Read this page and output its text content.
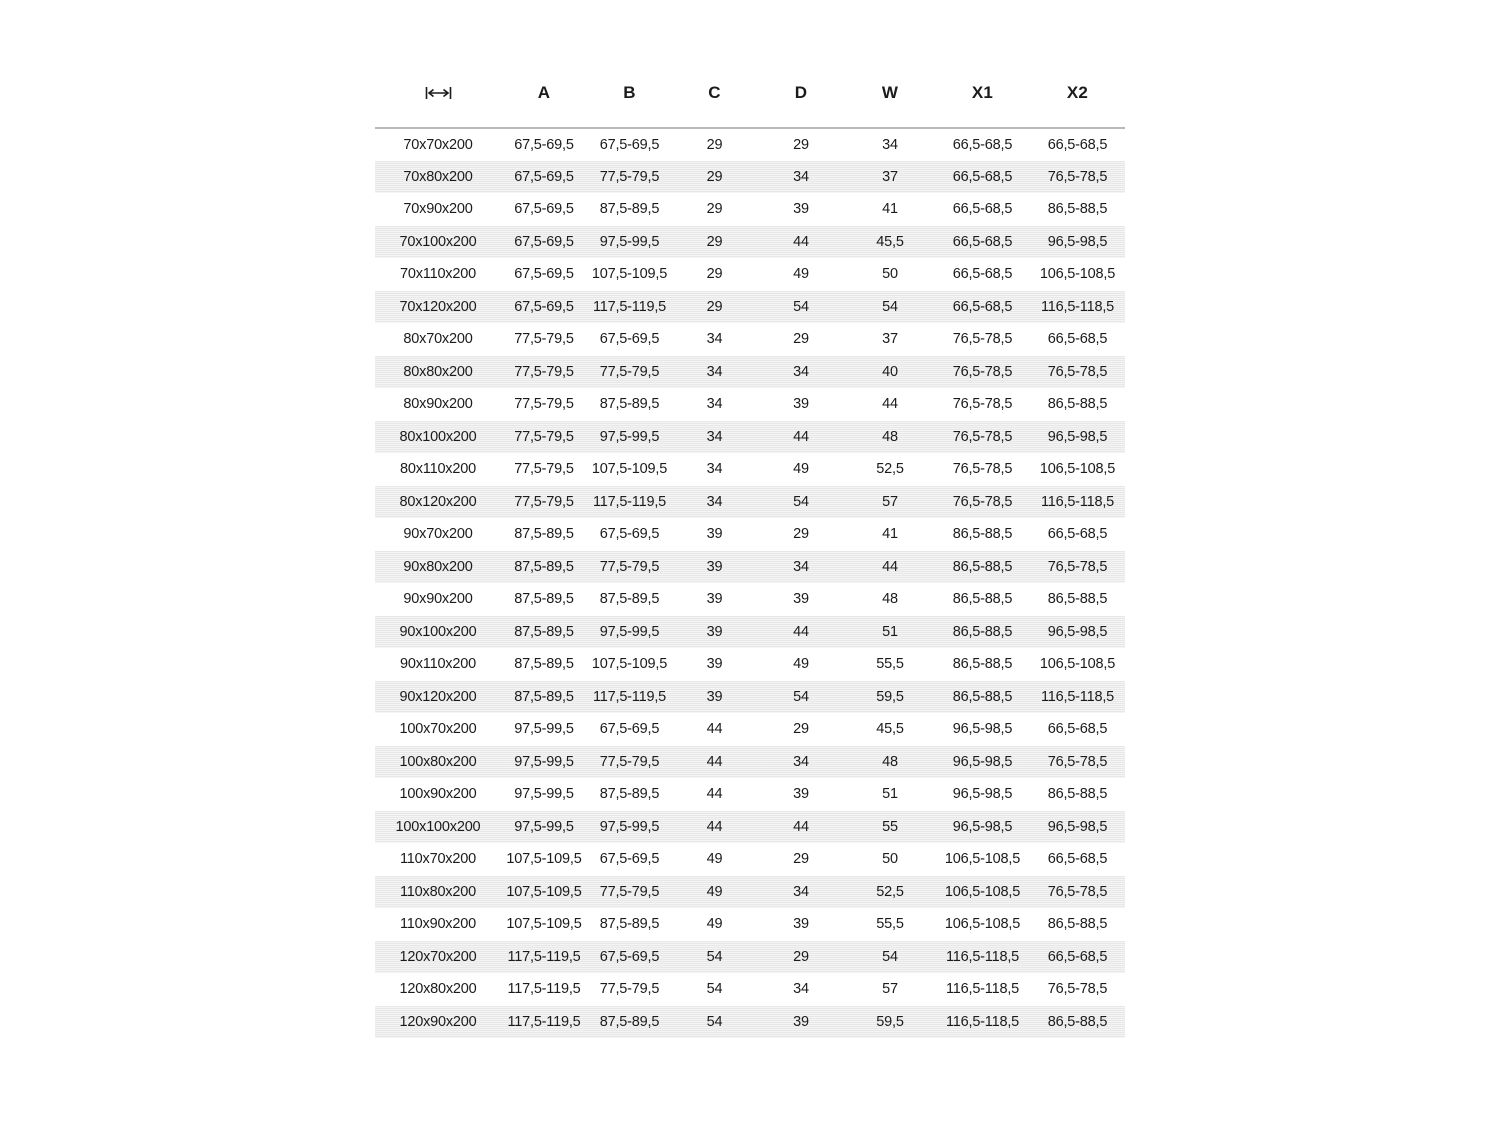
	A	B	C	D	W	X1	X2
70x70x200	67,5-69,5	67,5-69,5	29	29	34	66,5-68,5	66,5-68,5
70x80x200	67,5-69,5	77,5-79,5	29	34	37	66,5-68,5	76,5-78,5
70x90x200	67,5-69,5	87,5-89,5	29	39	41	66,5-68,5	86,5-88,5
70x100x200	67,5-69,5	97,5-99,5	29	44	45,5	66,5-68,5	96,5-98,5
70x110x200	67,5-69,5	107,5-109,5	29	49	50	66,5-68,5	106,5-108,5
70x120x200	67,5-69,5	117,5-119,5	29	54	54	66,5-68,5	116,5-118,5
80x70x200	77,5-79,5	67,5-69,5	34	29	37	76,5-78,5	66,5-68,5
80x80x200	77,5-79,5	77,5-79,5	34	34	40	76,5-78,5	76,5-78,5
80x90x200	77,5-79,5	87,5-89,5	34	39	44	76,5-78,5	86,5-88,5
80x100x200	77,5-79,5	97,5-99,5	34	44	48	76,5-78,5	96,5-98,5
80x110x200	77,5-79,5	107,5-109,5	34	49	52,5	76,5-78,5	106,5-108,5
80x120x200	77,5-79,5	117,5-119,5	34	54	57	76,5-78,5	116,5-118,5
90x70x200	87,5-89,5	67,5-69,5	39	29	41	86,5-88,5	66,5-68,5
90x80x200	87,5-89,5	77,5-79,5	39	34	44	86,5-88,5	76,5-78,5
90x90x200	87,5-89,5	87,5-89,5	39	39	48	86,5-88,5	86,5-88,5
90x100x200	87,5-89,5	97,5-99,5	39	44	51	86,5-88,5	96,5-98,5
90x110x200	87,5-89,5	107,5-109,5	39	49	55,5	86,5-88,5	106,5-108,5
90x120x200	87,5-89,5	117,5-119,5	39	54	59,5	86,5-88,5	116,5-118,5
100x70x200	97,5-99,5	67,5-69,5	44	29	45,5	96,5-98,5	66,5-68,5
100x80x200	97,5-99,5	77,5-79,5	44	34	48	96,5-98,5	76,5-78,5
100x90x200	97,5-99,5	87,5-89,5	44	39	51	96,5-98,5	86,5-88,5
100x100x200	97,5-99,5	97,5-99,5	44	44	55	96,5-98,5	96,5-98,5
110x70x200	107,5-109,5	67,5-69,5	49	29	50	106,5-108,5	66,5-68,5
110x80x200	107,5-109,5	77,5-79,5	49	34	52,5	106,5-108,5	76,5-78,5
110x90x200	107,5-109,5	87,5-89,5	49	39	55,5	106,5-108,5	86,5-88,5
120x70x200	117,5-119,5	67,5-69,5	54	29	54	116,5-118,5	66,5-68,5
120x80x200	117,5-119,5	77,5-79,5	54	34	57	116,5-118,5	76,5-78,5
120x90x200	117,5-119,5	87,5-89,5	54	39	59,5	116,5-118,5	86,5-88,5
